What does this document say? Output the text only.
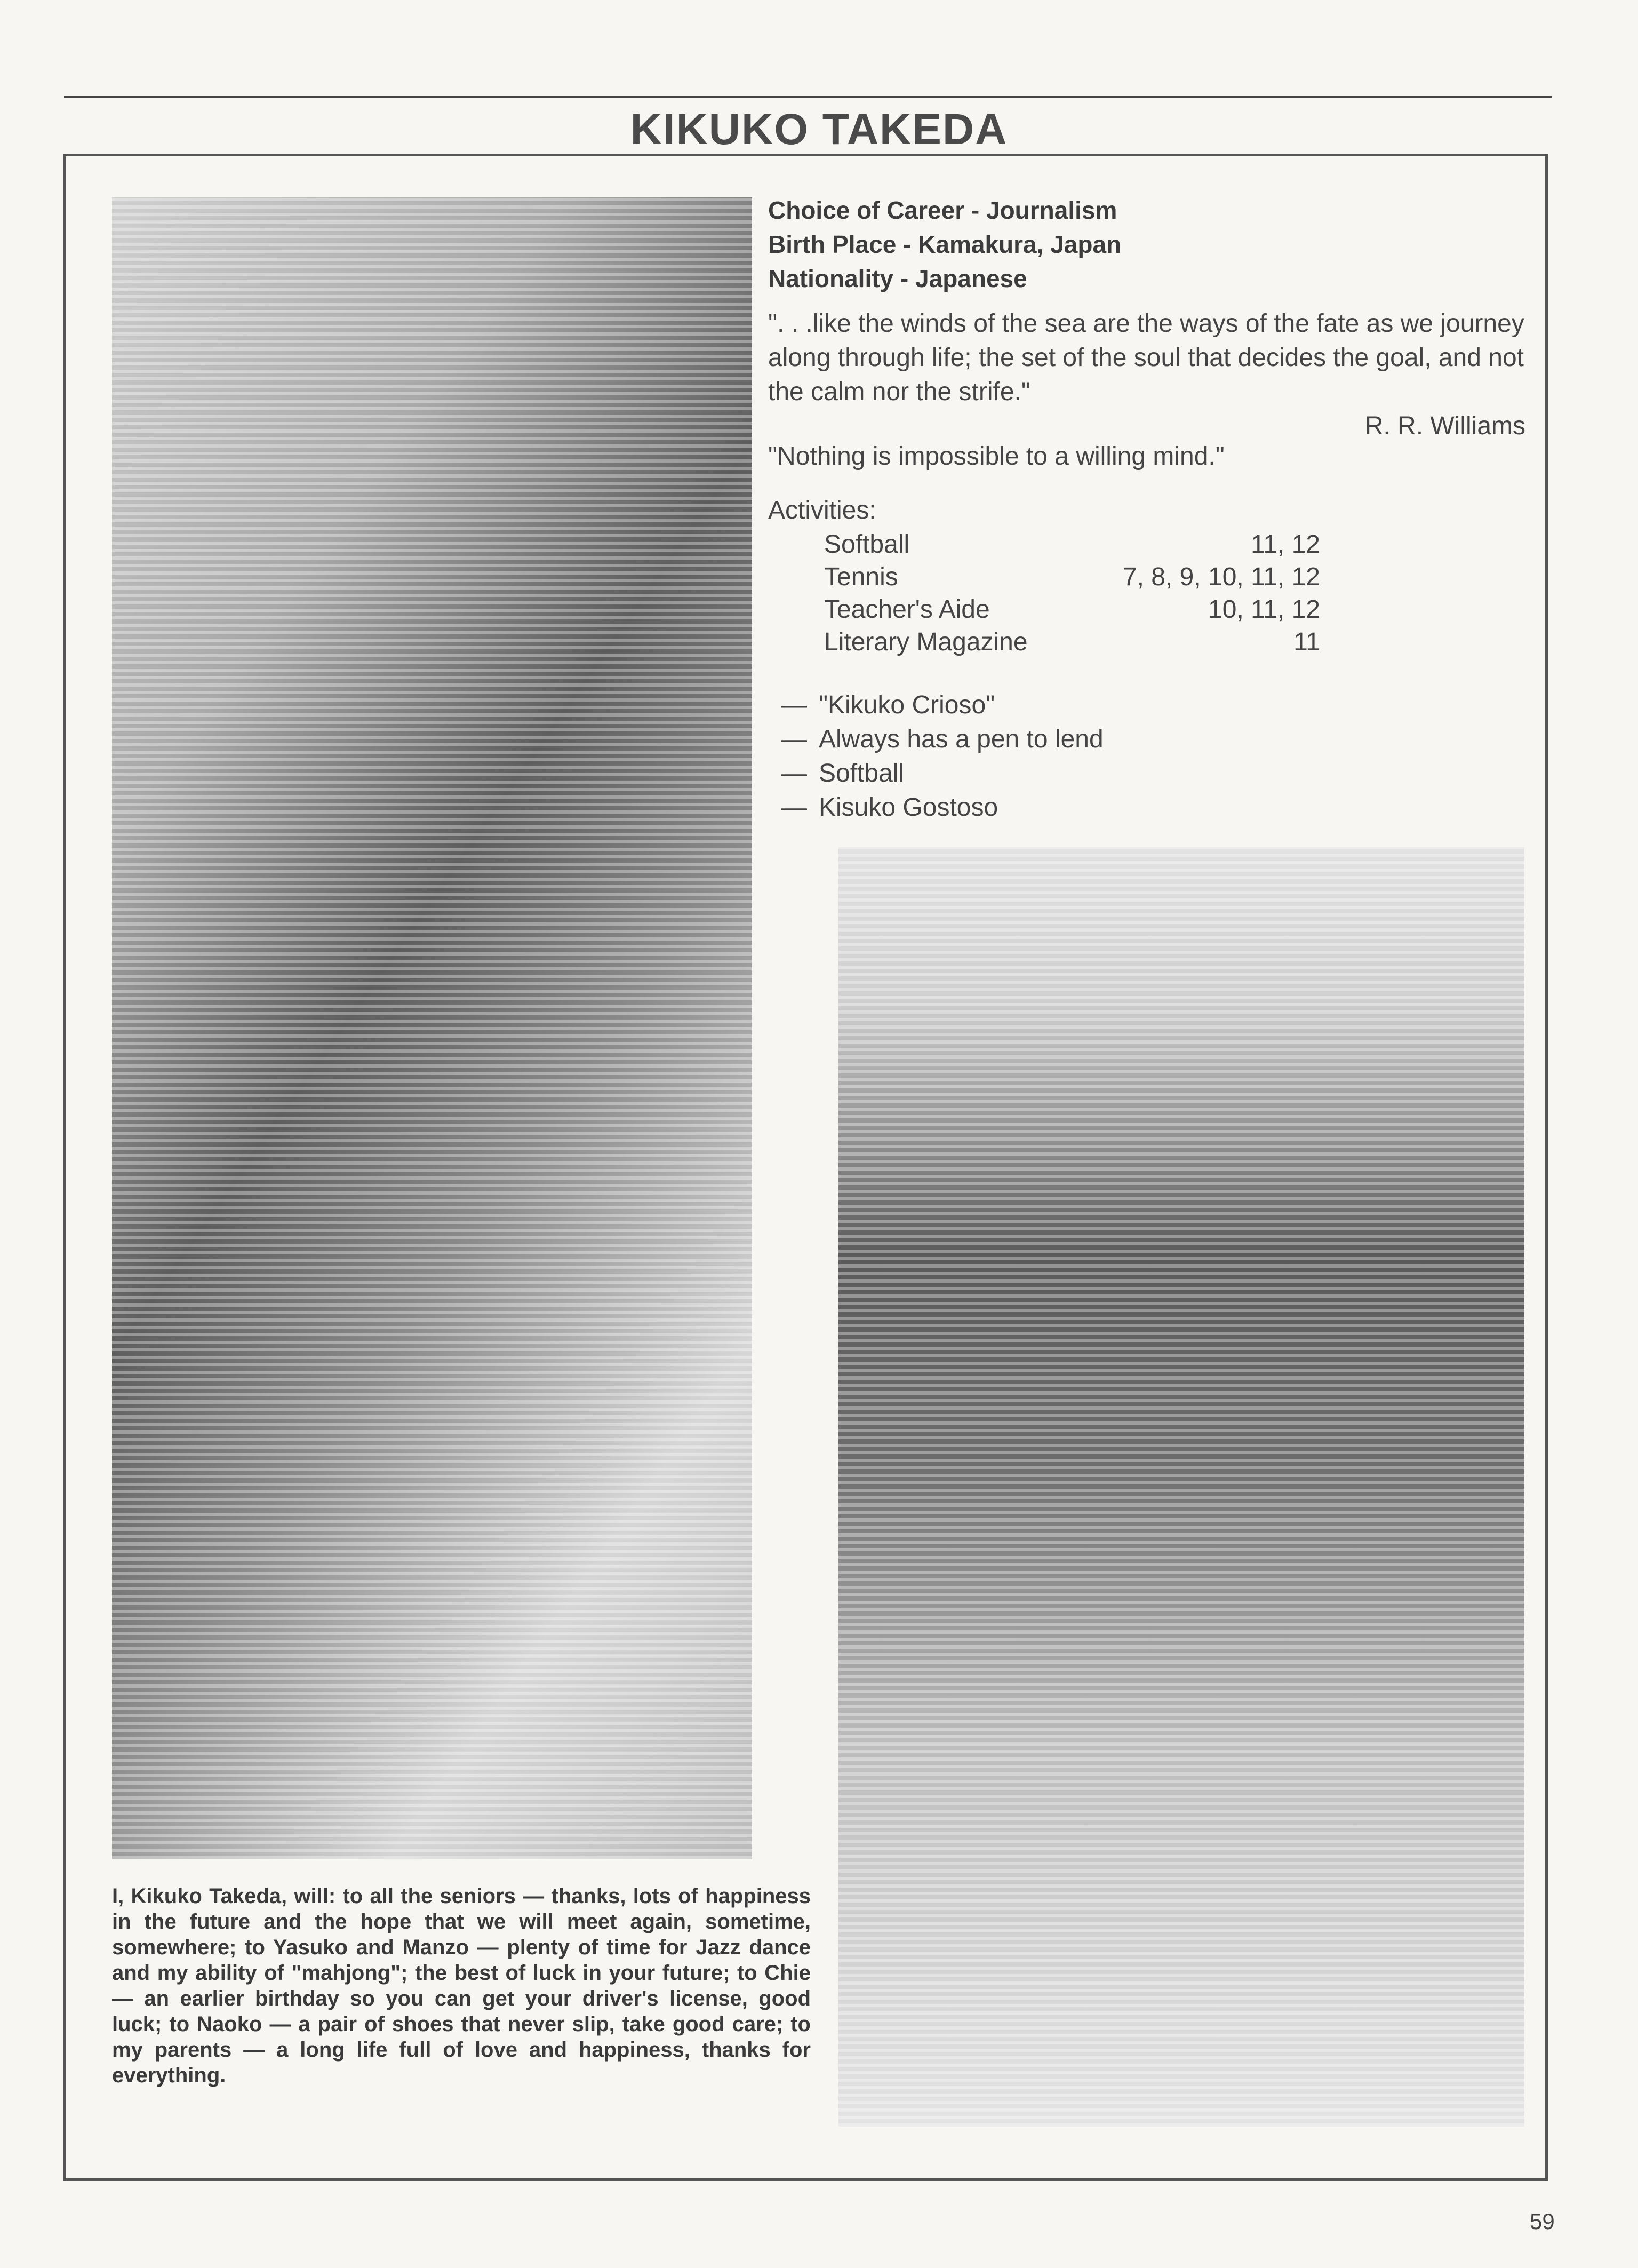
KIKUKO TAKEDA
Choice of Career - Journalism
Birth Place - Kamakura, Japan
Nationality - Japanese
". . .like the winds of the sea are the ways of the fate as we journey along through life; the set of the soul that decides the goal, and not the calm nor the strife."
R. R. Williams
"Nothing is impossible to a willing mind."
Activities:
Softball	11, 12
Tennis	7, 8, 9, 10, 11, 12
Teacher's Aide	10, 11, 12
Literary Magazine	11
— "Kikuko Crioso"
— Always has a pen to lend
— Softball
— Kisuko Gostoso
I, Kikuko Takeda, will: to all the seniors — thanks, lots of happiness in the future and the hope that we will meet again, sometime, somewhere; to Yasuko and Manzo — plenty of time for Jazz dance and my ability of "mahjong"; the best of luck in your future; to Chie — an earlier birthday so you can get your driver's license, good luck; to Naoko — a pair of shoes that never slip, take good care; to my parents — a long life full of love and happiness, thanks for everything.
59
